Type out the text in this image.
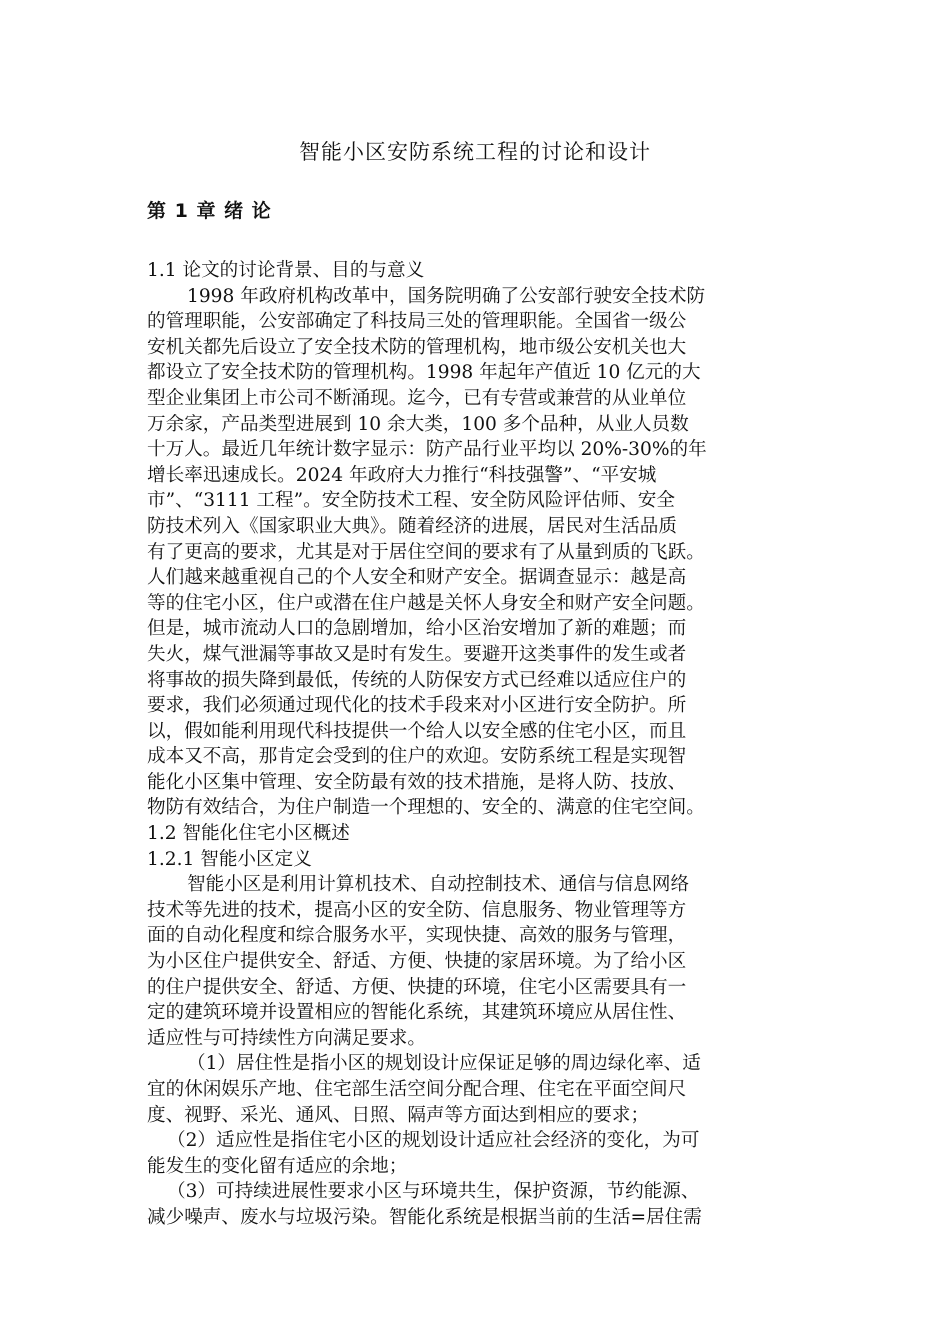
智能小区安防系统工程的讨论和设计
第 1 章 绪 论
1.1 论文的讨论背景、目的与意义
1998 年政府机构改革中，国务院明确了公安部行驶安全技术防
的管理职能，公安部确定了科技局三处的管理职能。全国省一级公
安机关都先后设立了安全技术防的管理机构，地市级公安机关也大
都设立了安全技术防的管理机构。1998 年起年产值近 10 亿元的大
型企业集团上市公司不断涌现。迄今，已有专营或兼营的从业单位
万余家，产品类型进展到 10 余大类，100 多个品种，从业人员数
十万人。最近几年统计数字显示：防产品行业平均以 20%-30%的年
增长率迅速成长。2024 年政府大力推行“科技强警”、“平安城
市”、“3111 工程”。安全防技术工程、安全防风险评估师、安全
防技术列入《国家职业大典》。随着经济的进展，居民对生活品质
有了更高的要求，尤其是对于居住空间的要求有了从量到质的飞跃。
人们越来越重视自己的个人安全和财产安全。据调查显示：越是高
等的住宅小区，住户或潜在住户越是关怀人身安全和财产安全问题。
但是，城市流动人口的急剧增加，给小区治安增加了新的难题；而
失火，煤气泄漏等事故又是时有发生。要避开这类事件的发生或者
将事故的损失降到最低，传统的人防保安方式已经难以适应住户的
要求，我们必须通过现代化的技术手段来对小区进行安全防护。所
以，假如能利用现代科技提供一个给人以安全感的住宅小区，而且
成本又不高，那肯定会受到的住户的欢迎。安防系统工程是实现智
能化小区集中管理、安全防最有效的技术措施，是将人防、技放、
物防有效结合，为住户制造一个理想的、安全的、满意的住宅空间。
1.2 智能化住宅小区概述
1.2.1 智能小区定义
智能小区是利用计算机技术、自动控制技术、通信与信息网络
技术等先进的技术，提高小区的安全防、信息服务、物业管理等方
面的自动化程度和综合服务水平，实现快捷、高效的服务与管理，
为小区住户提供安全、舒适、方便、快捷的家居环境。为了给小区
的住户提供安全、舒适、方便、快捷的环境，住宅小区需要具有一
定的建筑环境并设置相应的智能化系统，其建筑环境应从居住性、
适应性与可持续性方向满足要求。
（1）居住性是指小区的规划设计应保证足够的周边绿化率、适
宜的休闲娱乐产地、住宅部生活空间分配合理、住宅在平面空间尺
度、视野、采光、通风、日照、隔声等方面达到相应的要求；
（2）适应性是指住宅小区的规划设计适应社会经济的变化，为可
能发生的变化留有适应的余地；
（3）可持续进展性要求小区与环境共生，保护资源，节约能源、
减少噪声、废水与垃圾污染。智能化系统是根据当前的生活=居住需
